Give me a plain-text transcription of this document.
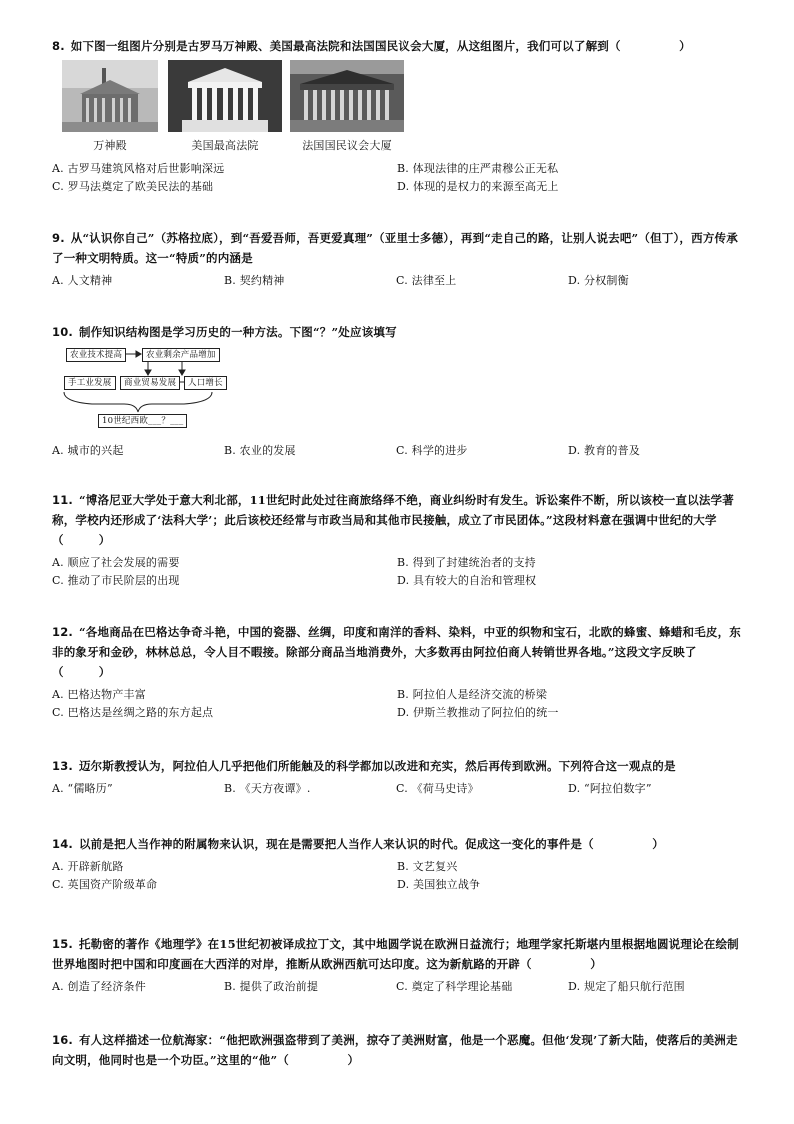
8. 如下图一组图片分别是古罗马万神殿、美国最高法院和法国国民议会大厦，从这组图片，我们可以了解到（　　　　　）
万神殿	美国最高法院	法国国民议会大厦
A. 古罗马建筑风格对后世影响深远	B. 体现法律的庄严肃穆公正无私
C. 罗马法奠定了欧美民法的基础	D. 体现的是权力的来源至高无上
9. 从“认识你自己”（苏格拉底），到“吾爱吾师，吾更爱真理”（亚里士多德），再到“走自己的路，让别人说去吧”（但丁），西方传承了一种文明特质。这一“特质”的内涵是
A. 人文精神	B. 契约精神	C. 法律至上	D. 分权制衡
10. 制作知识结构图是学习历史的一种方法。下图“？”处应该填写
农业技术提高	农业剩余产品增加
手工业发展	商业贸易发展	人口增长
10世纪西欧___？___
A. 城市的兴起	B. 农业的发展	C. 科学的进步	D. 教育的普及
11. “博洛尼亚大学处于意大利北部，11世纪时此处过往商旅络绎不绝，商业纠纷时有发生。诉讼案件不断，所以该校一直以法学著称，学校内还形成了‘法科大学’；此后该校还经常与市政当局和其他市民接触，成立了市民团体。”这段材料意在强调中世纪的大学（　　　）
A. 顺应了社会发展的需要	B. 得到了封建统治者的支持
C. 推动了市民阶层的出现	D. 具有较大的自治和管理权
12. “各地商品在巴格达争奇斗艳，中国的瓷器、丝绸，印度和南洋的香料、染料，中亚的织物和宝石，北欧的蜂蜜、蜂蜡和毛皮，东非的象牙和金砂，林林总总，令人目不暇接。除部分商品当地消费外，大多数再由阿拉伯商人转销世界各地。”这段文字反映了（　　　）
A. 巴格达物产丰富	B. 阿拉伯人是经济交流的桥梁
C. 巴格达是丝绸之路的东方起点	D. 伊斯兰教推动了阿拉伯的统一
13. 迈尔斯教授认为，阿拉伯人几乎把他们所能触及的科学都加以改进和充实，然后再传到欧洲。下列符合这一观点的是
A. “儒略历”	B. 《天方夜谭》.	C. 《荷马史诗》	D. “阿拉伯数字”
14. 以前是把人当作神的附属物来认识，现在是需要把人当作人来认识的时代。促成这一变化的事件是（　　　　　）
A. 开辟新航路	B. 文艺复兴
C. 英国资产阶级革命	D. 美国独立战争
15. 托勒密的著作《地理学》在15世纪初被译成拉丁文，其中地圆学说在欧洲日益流行；地理学家托斯堪内里根据地圆说理论在绘制世界地图时把中国和印度画在大西洋的对岸，推断从欧洲西航可达印度。这为新航路的开辟（　　　　　）
A. 创造了经济条件	B. 提供了政治前提	C. 奠定了科学理论基础	D. 规定了船只航行范围
16. 有人这样描述一位航海家：“他把欧洲强盗带到了美洲，掠夺了美洲财富，他是一个恶魔。但他‘发现’了新大陆，使落后的美洲走向文明，他同时也是一个功臣。”这里的“他”（　　　　　）
